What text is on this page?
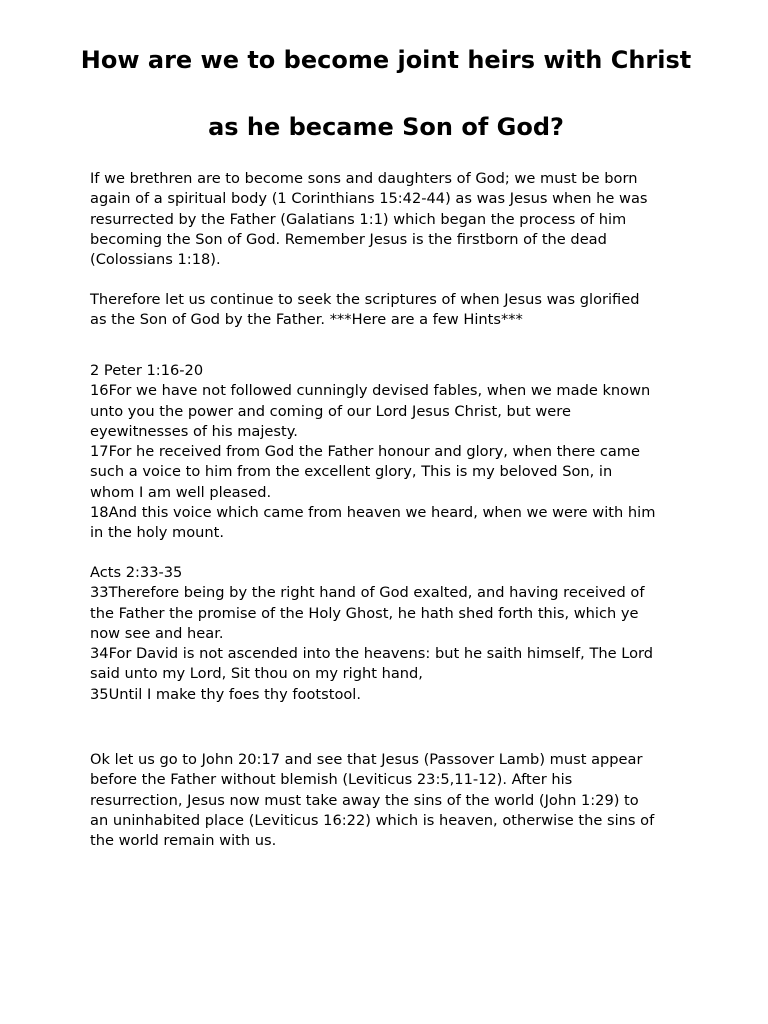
How are we to become joint heirs with Christ
as he became Son of God?
If we brethren are to become sons and daughters of God; we must be born
again of a spiritual body (1 Corinthians 15:42-44) as was Jesus when he was
resurrected by the Father (Galatians 1:1) which began the process of him
becoming the Son of God. Remember Jesus is the firstborn of the dead
(Colossians 1:18).
Therefore let us continue to seek the scriptures of when Jesus was glorified
as the Son of God by the Father. ***Here are a few Hints***
2 Peter 1:16-20
16For we have not followed cunningly devised fables, when we made known
unto you the power and coming of our Lord Jesus Christ, but were
eyewitnesses of his majesty.
17For he received from God the Father honour and glory, when there came
such a voice to him from the excellent glory, This is my beloved Son, in
whom I am well pleased.
18And this voice which came from heaven we heard, when we were with him
in the holy mount.
Acts 2:33-35
33Therefore being by the right hand of God exalted, and having received of
the Father the promise of the Holy Ghost, he hath shed forth this, which ye
now see and hear.
34For David is not ascended into the heavens: but he saith himself, The Lord
said unto my Lord, Sit thou on my right hand,
35Until I make thy foes thy footstool.
Ok let us go to John 20:17 and see that Jesus (Passover Lamb) must appear
before the Father without blemish (Leviticus 23:5,11-12). After his
resurrection, Jesus now must take away the sins of the world (John 1:29) to
an uninhabited place (Leviticus 16:22) which is heaven, otherwise the sins of
the world remain with us.
